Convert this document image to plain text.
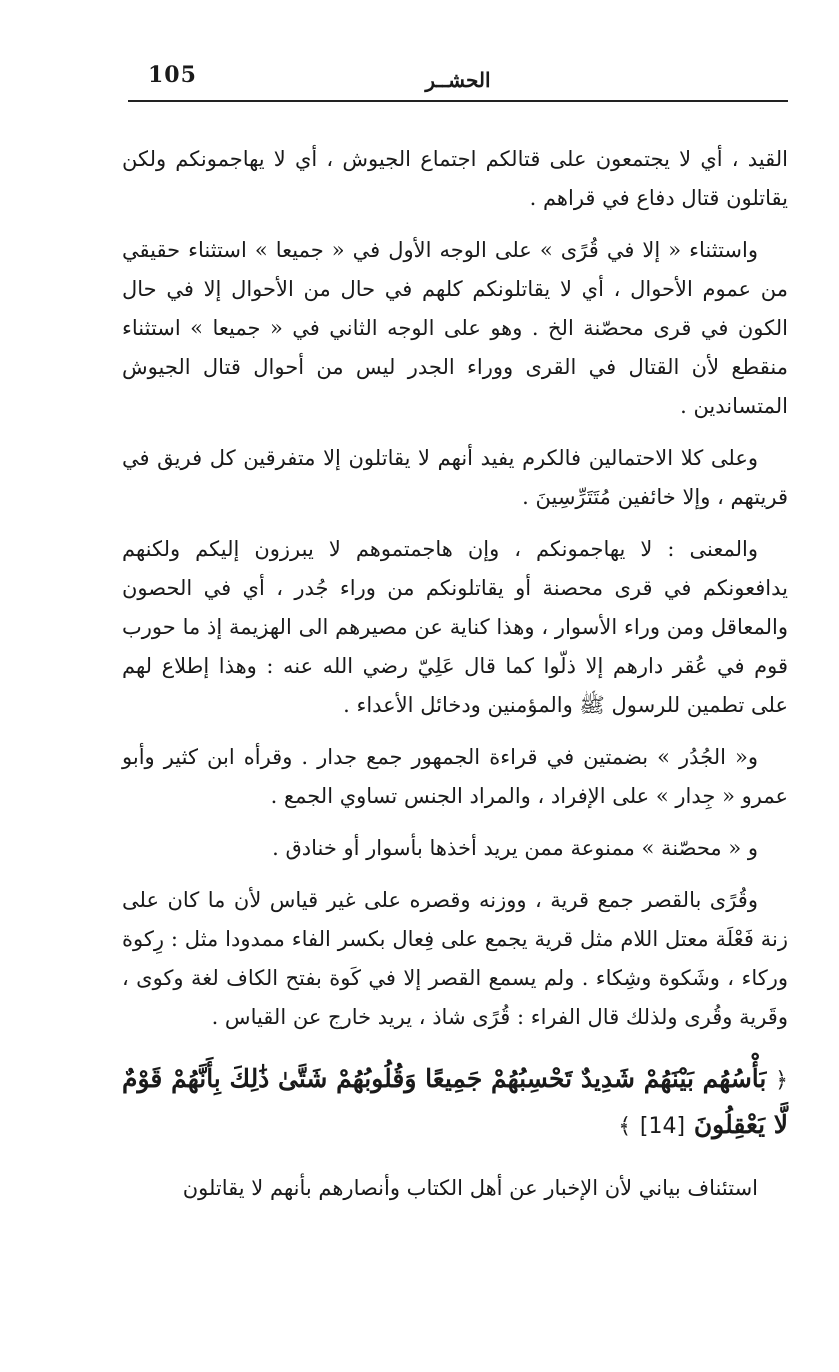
105	الحشــر

القيد ، أي لا يجتمعون على قتالكم اجتماع الجيوش ، أي لا يهاجمونكم ولكن يقاتلون قتال دفاع في قراهم .

واستثناء « إلا في قُرًى » على الوجه الأول في « جميعا » استثناء حقيقي من عموم الأحوال ، أي لا يقاتلونكم كلهم في حال من الأحوال إلا في حال الكون في قرى محصّنة الخ . وهو على الوجه الثاني في « جميعا » استثناء منقطع لأن القتال في القرى ووراء الجدر ليس من أحوال قتال الجيوش المتساندين .

وعلى كلا الاحتمالين فالكرم يفيد أنهم لا يقاتلون إلا متفرقين كل فريق في قريتهم ، وإلا خائفين مُتَتَرِّسِينَ .

والمعنى : لا يهاجمونكم ، وإن هاجمتموهم لا يبرزون إليكم ولكنهم يدافعونكم في قرى محصنة أو يقاتلونكم من وراء جُدر ، أي في الحصون والمعاقل ومن وراء الأسوار ، وهذا كناية عن مصيرهم الى الهزيمة إذ ما حورب قوم في عُقر دارهم إلا ذلّوا كما قال عَلِيّ رضي الله عنه : وهذا إطلاع لهم على تطمين للرسول ﷺ والمؤمنين ودخائل الأعداء .

و« الجُدُر » بضمتين في قراءة الجمهور جمع جدار . وقرأه ابن كثير وأبو عمرو « جِدار » على الإفراد ، والمراد الجنس تساوي الجمع .

و « محصّنة » ممنوعة ممن يريد أخذها بأسوار أو خنادق .

وقُرًى بالقصر جمع قرية ، ووزنه وقصره على غير قياس لأن ما كان على زنة فَعْلَة معتل اللام مثل قرية يجمع على فِعال بكسر الفاء ممدودا مثل : رِكوة وركاء ، وشَكوة وشِكاء . ولم يسمع القصر إلا في كَوة بفتح الكاف لغة وكوى ، وقَرية وقُرى ولذلك قال الفراء : قُرًى شاذ ، يريد خارج عن القياس .

﴿ بَأْسُهُم بَيْنَهُمْ شَدِيدٌ تَحْسِبُهُمْ جَمِيعًا وَقُلُوبُهُمْ شَتَّىٰ ذَٰلِكَ بِأَنَّهُمْ قَوْمٌ لَّا يَعْقِلُونَ [14] ﴾

استئناف بياني لأن الإخبار عن أهل الكتاب وأنصارهم بأنهم لا يقاتلون
